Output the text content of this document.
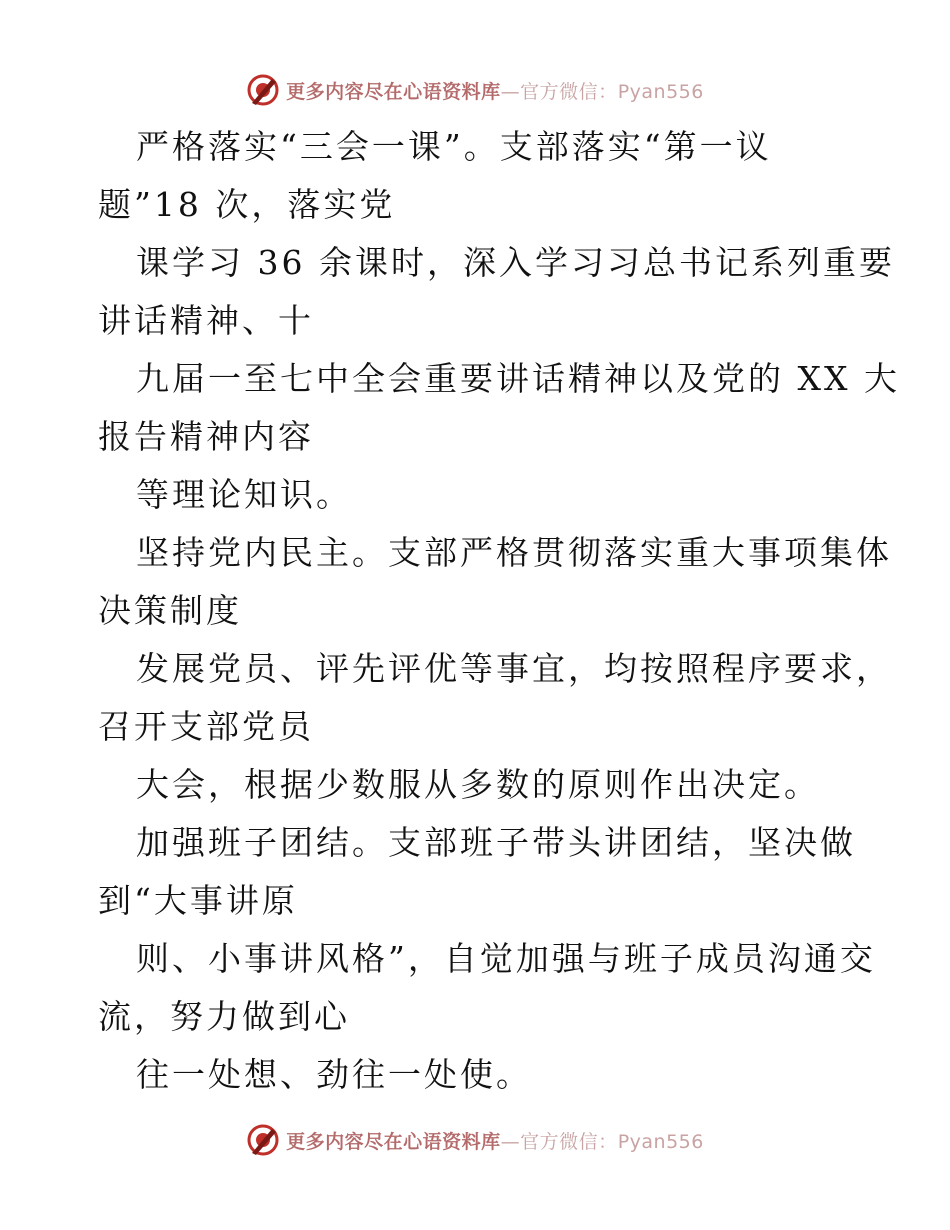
更多内容尽在心语资料库—官方微信：Pyan556
严格落实“三会一课”。支部落实“第一议
题”18 次，落实党
课学习 36 余课时，深入学习习总书记系列重要
讲话精神、十
九届一至七中全会重要讲话精神以及党的 XX 大
报告精神内容
等理论知识。
坚持党内民主。支部严格贯彻落实重大事项集体
决策制度
发展党员、评先评优等事宜，均按照程序要求，
召开支部党员
大会，根据少数服从多数的原则作出决定。
加强班子团结。支部班子带头讲团结，坚决做
到“大事讲原
则、小事讲风格”，自觉加强与班子成员沟通交
流，努力做到心
往一处想、劲往一处使。
更多内容尽在心语资料库—官方微信：Pyan556
